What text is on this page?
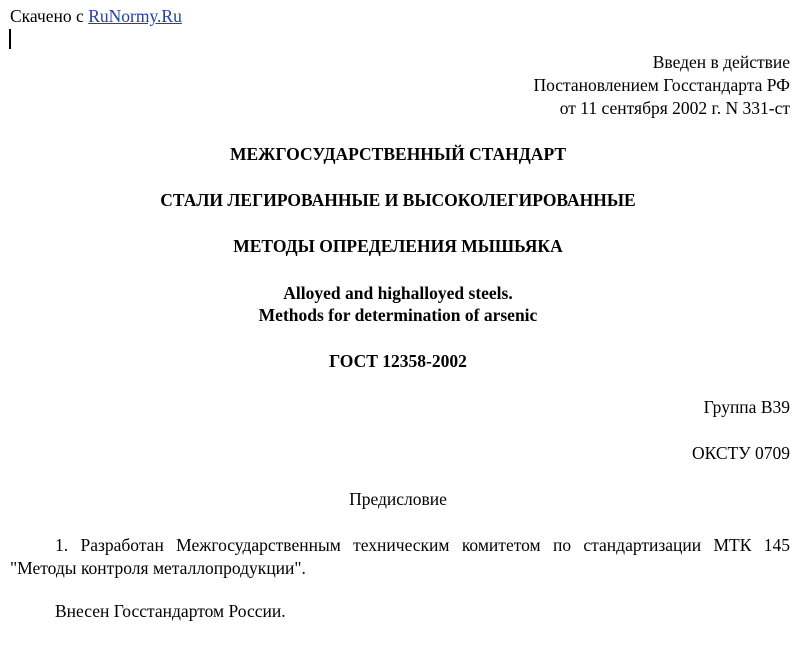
Скачено с RuNormy.Ru
Введен в действие
Постановлением Госстандарта РФ
от 11 сентября 2002 г. N 331-ст
МЕЖГОСУДАРСТВЕННЫЙ СТАНДАРТ
СТАЛИ ЛЕГИРОВАННЫЕ И ВЫСОКОЛЕГИРОВАННЫЕ
МЕТОДЫ ОПРЕДЕЛЕНИЯ МЫШЬЯКА
Alloyed and highalloyed steels.
Methods for determination of arsenic
ГОСТ 12358-2002
Группа В39
ОКСТУ 0709
Предисловие
1. Разработан Межгосударственным техническим комитетом по стандартизации МТК 145 "Методы контроля металлопродукции".
Внесен Госстандартом России.
